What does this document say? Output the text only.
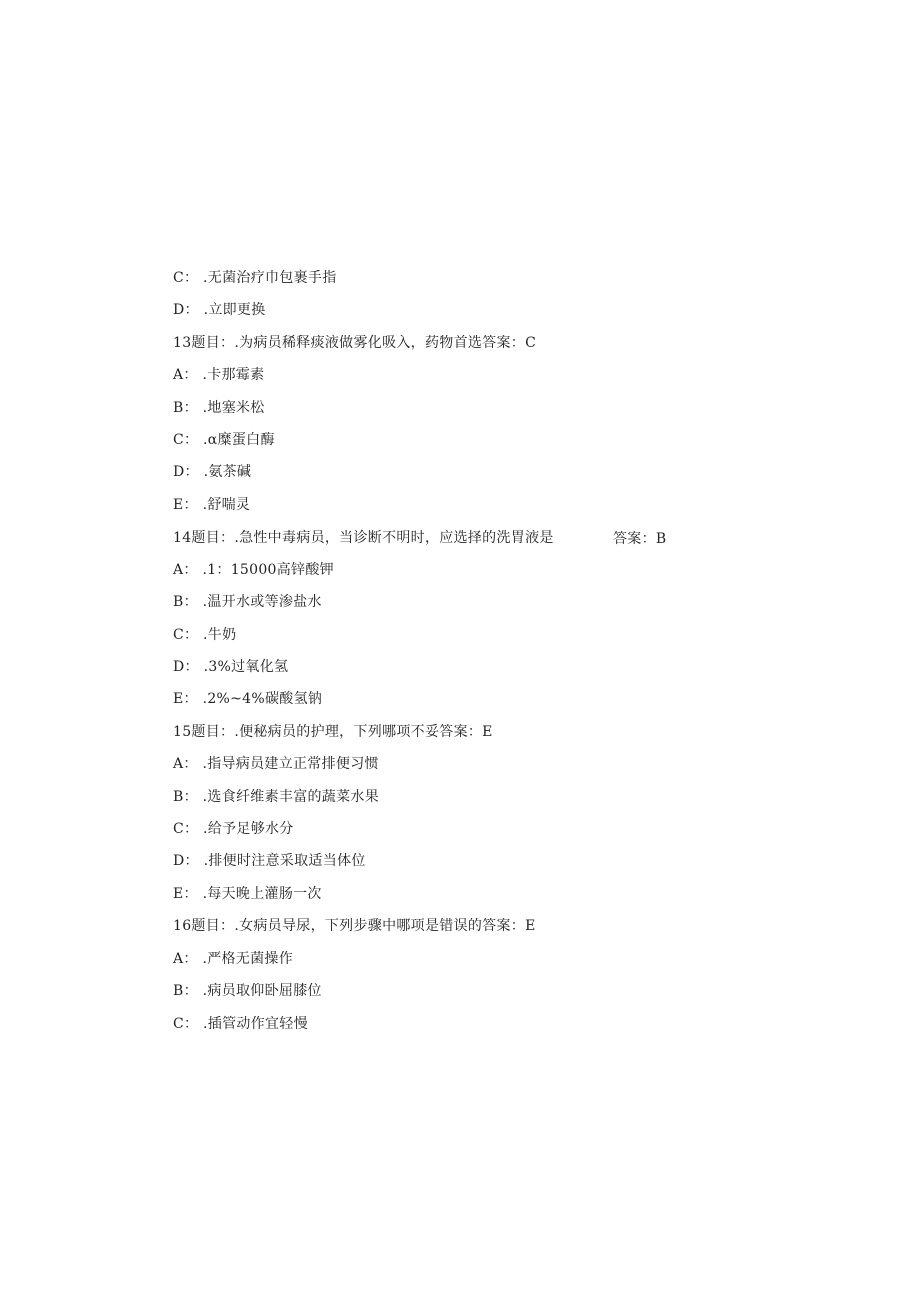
C： .无菌治疗巾包裹手指
D： .立即更换
13题目：.为病员稀释痰液做雾化吸入，药物首选答案：C
A： .卡那霉素
B： .地塞米松
C： .α糜蛋白酶
D： .氨茶碱
E： .舒喘灵
14题目：.急性中毒病员，当诊断不明时，应选择的洗胃液是	答案：B
A： .1：15000高锌酸钾
B： .温开水或等渗盐水
C： .牛奶
D： .3%过氧化氢
E： .2%~4%碳酸氢钠
15题目：.便秘病员的护理，下列哪项不妥答案：E
A： .指导病员建立正常排便习惯
B： .选食纤维素丰富的蔬菜水果
C： .给予足够水分
D： .排便时注意采取适当体位
E： .每天晚上灌肠一次
16题目：.女病员导尿，下列步骤中哪项是错误的答案：E
A： .严格无菌操作
B： .病员取仰卧屈膝位
C： .插管动作宜轻慢
